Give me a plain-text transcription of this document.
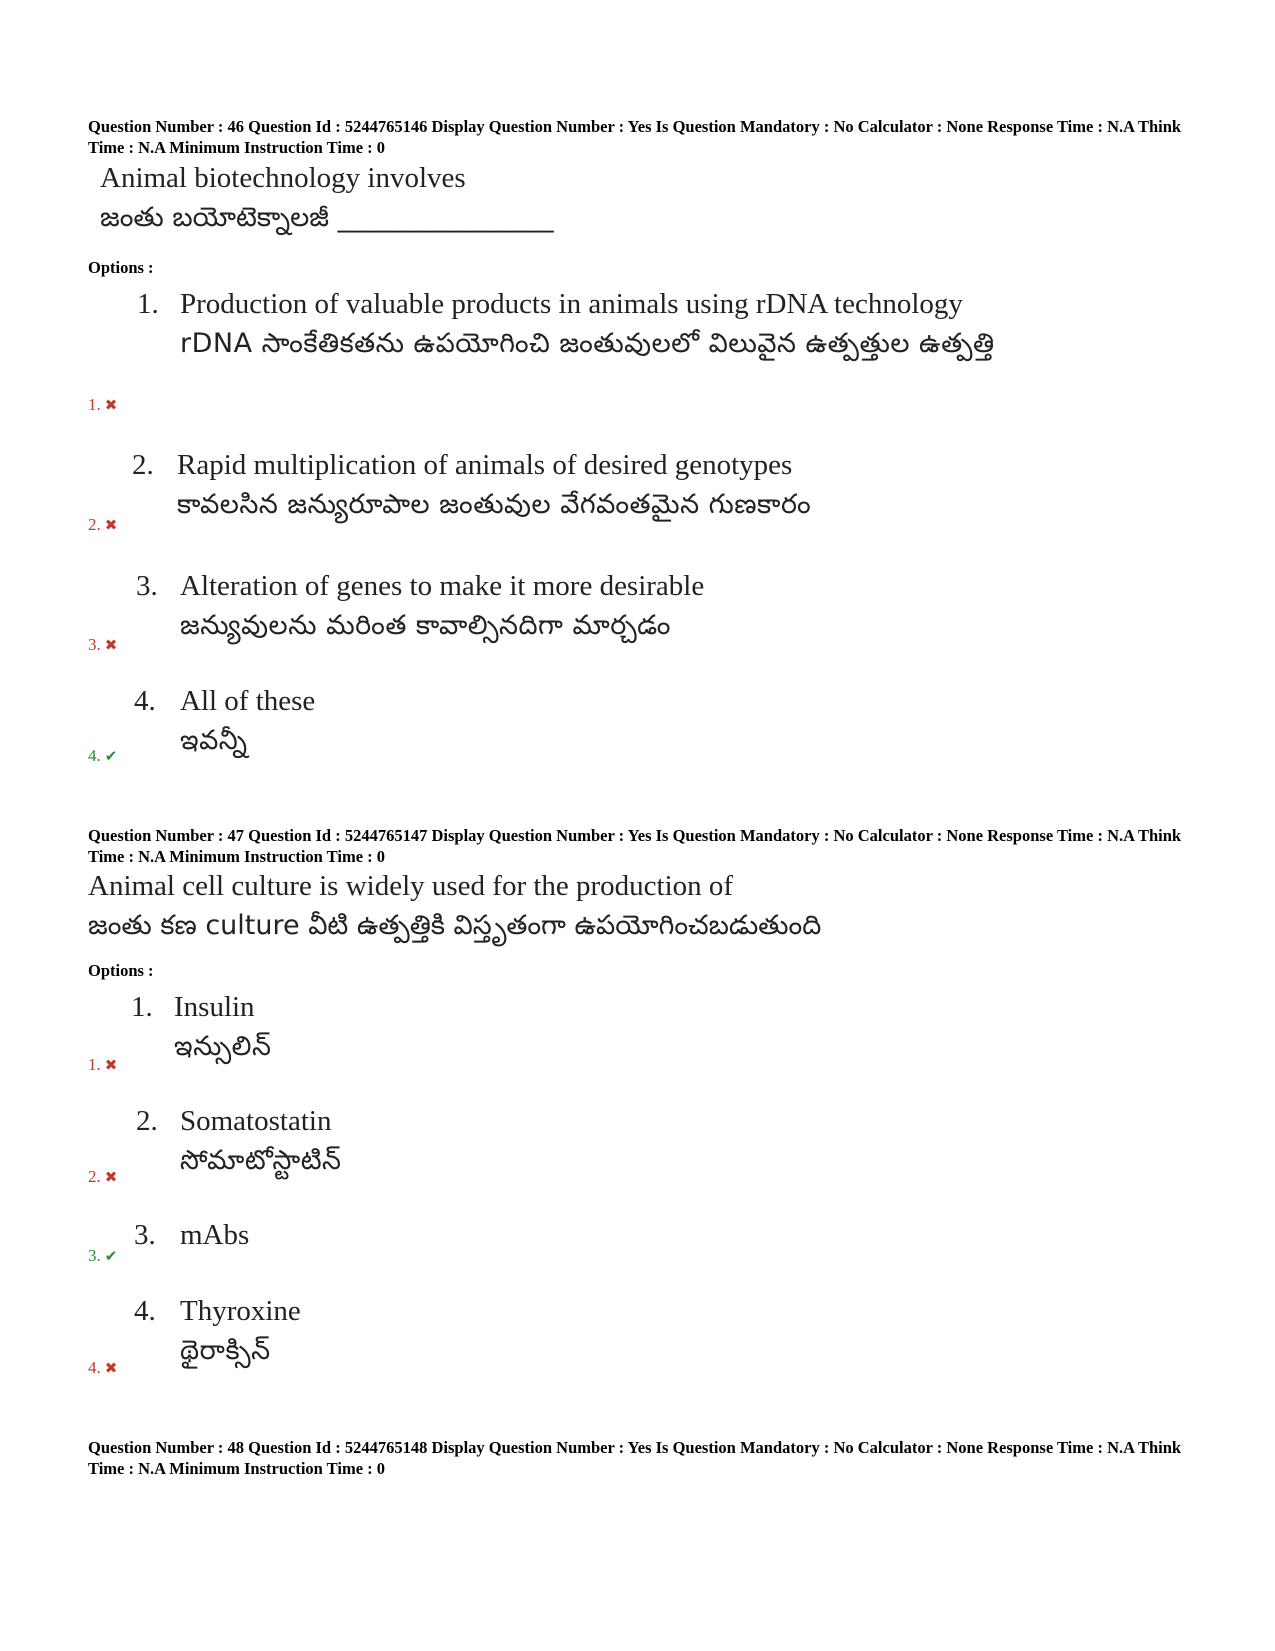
Question Number : 46 Question Id : 5244765146 Display Question Number : Yes Is Question Mandatory : No Calculator : None Response Time : N.A Think Time : N.A Minimum Instruction Time : 0
Animal biotechnology involves
జంతు బయోటెక్నాలజీ ________________
Options :
1. Production of valuable products in animals using rDNA technology
rDNA సాంకేతికతను ఉపయోగించి జంతువులలో విలువైన ఉత్పత్తుల ఉత్పత్తి
1. ✖
2. Rapid multiplication of animals of desired genotypes
కావలసిన జన్యురూపాల జంతువుల వేగవంతమైన గుణకారం
2. ✖
3. Alteration of genes to make it more desirable
జన్యువులను మరింత కావాల్సినదిగా మార్చడం
3. ✖
4. All of these
ఇవన్నీ
4. ✔
Question Number : 47 Question Id : 5244765147 Display Question Number : Yes Is Question Mandatory : No Calculator : None Response Time : N.A Think Time : N.A Minimum Instruction Time : 0
Animal cell culture is widely used for the production of
జంతు కణ culture వీటి ఉత్పత్తికి విస్తృతంగా ఉపయోగించబడుతుంది
Options :
1. Insulin
ఇన్సులిన్
1. ✖
2. Somatostatin
సోమాటోస్టాటిన్
2. ✖
3. mAbs
3. ✔
4. Thyroxine
థైరాక్సిన్
4. ✖
Question Number : 48 Question Id : 5244765148 Display Question Number : Yes Is Question Mandatory : No Calculator : None Response Time : N.A Think Time : N.A Minimum Instruction Time : 0
